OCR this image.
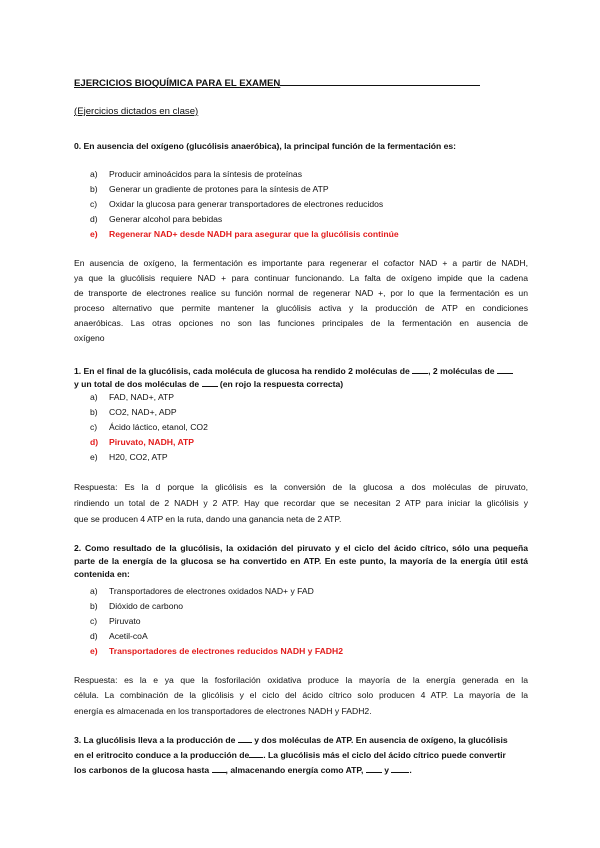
EJERCICIOS BIOQUÍMICA PARA EL EXAMEN
(Ejercicios dictados en clase)
0. En ausencia del oxígeno (glucólisis anaeróbica), la principal función de la fermentación es:
a) Producir aminoácidos para la síntesis de proteínas
b) Generar un gradiente de protones para la síntesis de ATP
c) Oxidar la glucosa para generar transportadores de electrones reducidos
d) Generar alcohol para bebidas
e) Regenerar NAD+ desde NADH para asegurar que la glucólisis continúe
En ausencia de oxígeno, la fermentación es importante para regenerar el cofactor NAD + a partir de NADH,
ya que la glucólisis requiere NAD + para continuar funcionando. La falta de oxígeno impide que la cadena
de transporte de electrones realice su función normal de regenerar NAD +, por lo que la fermentación es un
proceso alternativo que permite mantener la glucólisis activa y la producción de ATP en condiciones
anaeróbicas. Las otras opciones no son las funciones principales de la fermentación en ausencia de
oxígeno
1. En el final de la glucólisis, cada molécula de glucosa ha rendido 2 moléculas de , 2 moléculas de
y un total de dos moléculas de (en rojo la respuesta correcta)
a) FAD, NAD+, ATP
b) CO2, NAD+, ADP
c) Ácido láctico, etanol, CO2
d) Piruvato, NADH, ATP
e) H20, CO2, ATP
Respuesta: Es la d porque la glicólisis es la conversión de la glucosa a dos moléculas de piruvato,
rindiendo un total de 2 NADH y 2 ATP. Hay que recordar que se necesitan 2 ATP para iniciar la glicólisis y
que se producen 4 ATP en la ruta, dando una ganancia neta de 2 ATP.
2. Como resultado de la glucólisis, la oxidación del piruvato y el ciclo del ácido cítrico, sólo una pequeña
parte de la energía de la glucosa se ha convertido en ATP. En este punto, la mayoría de la energía útil está
contenida en:
a) Transportadores de electrones oxidados NAD+ y FAD
b) Dióxido de carbono
c) Piruvato
d) Acetil-coA
e) Transportadores de electrones reducidos NADH y FADH2
Respuesta: es la e ya que la fosforilación oxidativa produce la mayoría de la energía generada en la
célula. La combinación de la glicólisis y el ciclo del ácido cítrico solo producen 4 ATP. La mayoría de la
energía es almacenada en los transportadores de electrones NADH y FADH2.
3. La glucólisis lleva a la producción de y dos moléculas de ATP. En ausencia de oxígeno, la glucólisis
en el eritrocito conduce a la producción de . La glucólisis más el ciclo del ácido cítrico puede convertir
los carbonos de la glucosa hasta , almacenando energía como ATP, y .
